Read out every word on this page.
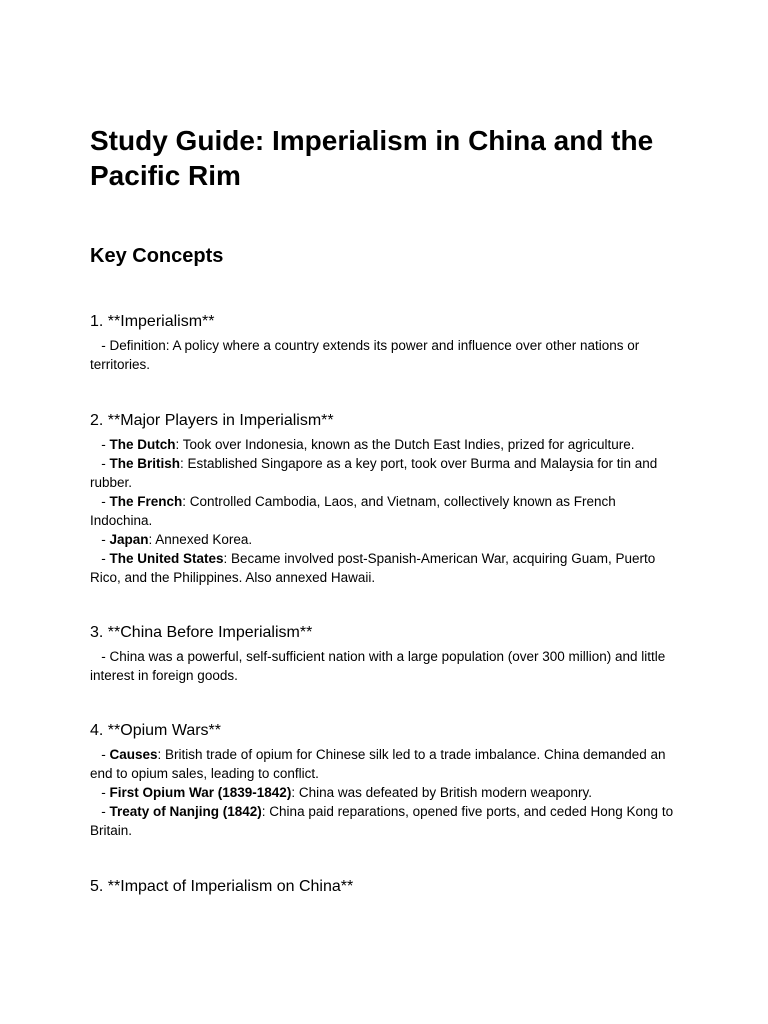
Study Guide: Imperialism in China and the Pacific Rim
Key Concepts
1. **Imperialism**

- Definition: A policy where a country extends its power and influence over other nations or territories.

2. **Major Players in Imperialism**

- The Dutch: Took over Indonesia, known as the Dutch East Indies, prized for agriculture.

- The British: Established Singapore as a key port, took over Burma and Malaysia for tin and rubber.

- The French: Controlled Cambodia, Laos, and Vietnam, collectively known as French Indochina.

- Japan: Annexed Korea.

- The United States: Became involved post-Spanish-American War, acquiring Guam, Puerto Rico, and the Philippines. Also annexed Hawaii.

3. **China Before Imperialism**

- China was a powerful, self-sufficient nation with a large population (over 300 million) and little interest in foreign goods.

4. **Opium Wars**

- Causes: British trade of opium for Chinese silk led to a trade imbalance. China demanded an end to opium sales, leading to conflict.

- First Opium War (1839-1842): China was defeated by British modern weaponry.

- Treaty of Nanjing (1842): China paid reparations, opened five ports, and ceded Hong Kong to Britain.

5. **Impact of Imperialism on China**
